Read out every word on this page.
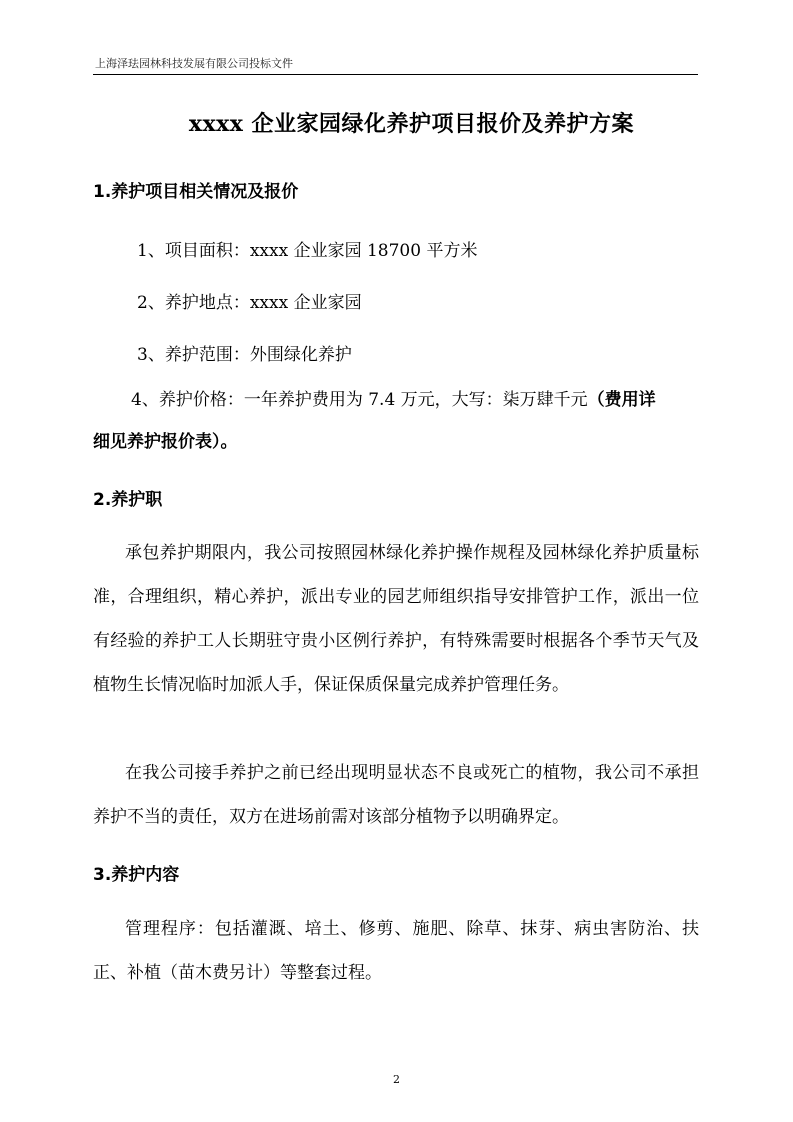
上海泽珐园林科技发展有限公司投标文件
xxxx 企业家园绿化养护项目报价及养护方案
1.养护项目相关情况及报价
1、项目面积：xxxx 企业家园 18700 平方米
2、养护地点：xxxx 企业家园
3、养护范围：外围绿化养护
4、养护价格：一年养护费用为 7.4 万元，大写：柒万肆千元（费用详
细见养护报价表）。
2.养护职
承包养护期限内，我公司按照园林绿化养护操作规程及园林绿化养护质量标准，合理组织，精心养护，派出专业的园艺师组织指导安排管护工作，派出一位有经验的养护工人长期驻守贵小区例行养护，有特殊需要时根据各个季节天气及植物生长情况临时加派人手，保证保质保量完成养护管理任务。
在我公司接手养护之前已经出现明显状态不良或死亡的植物，我公司不承担养护不当的责任，双方在进场前需对该部分植物予以明确界定。
3.养护内容
管理程序：包括灌溉、培土、修剪、施肥、除草、抹芽、病虫害防治、扶正、补植（苗木费另计）等整套过程。
2
